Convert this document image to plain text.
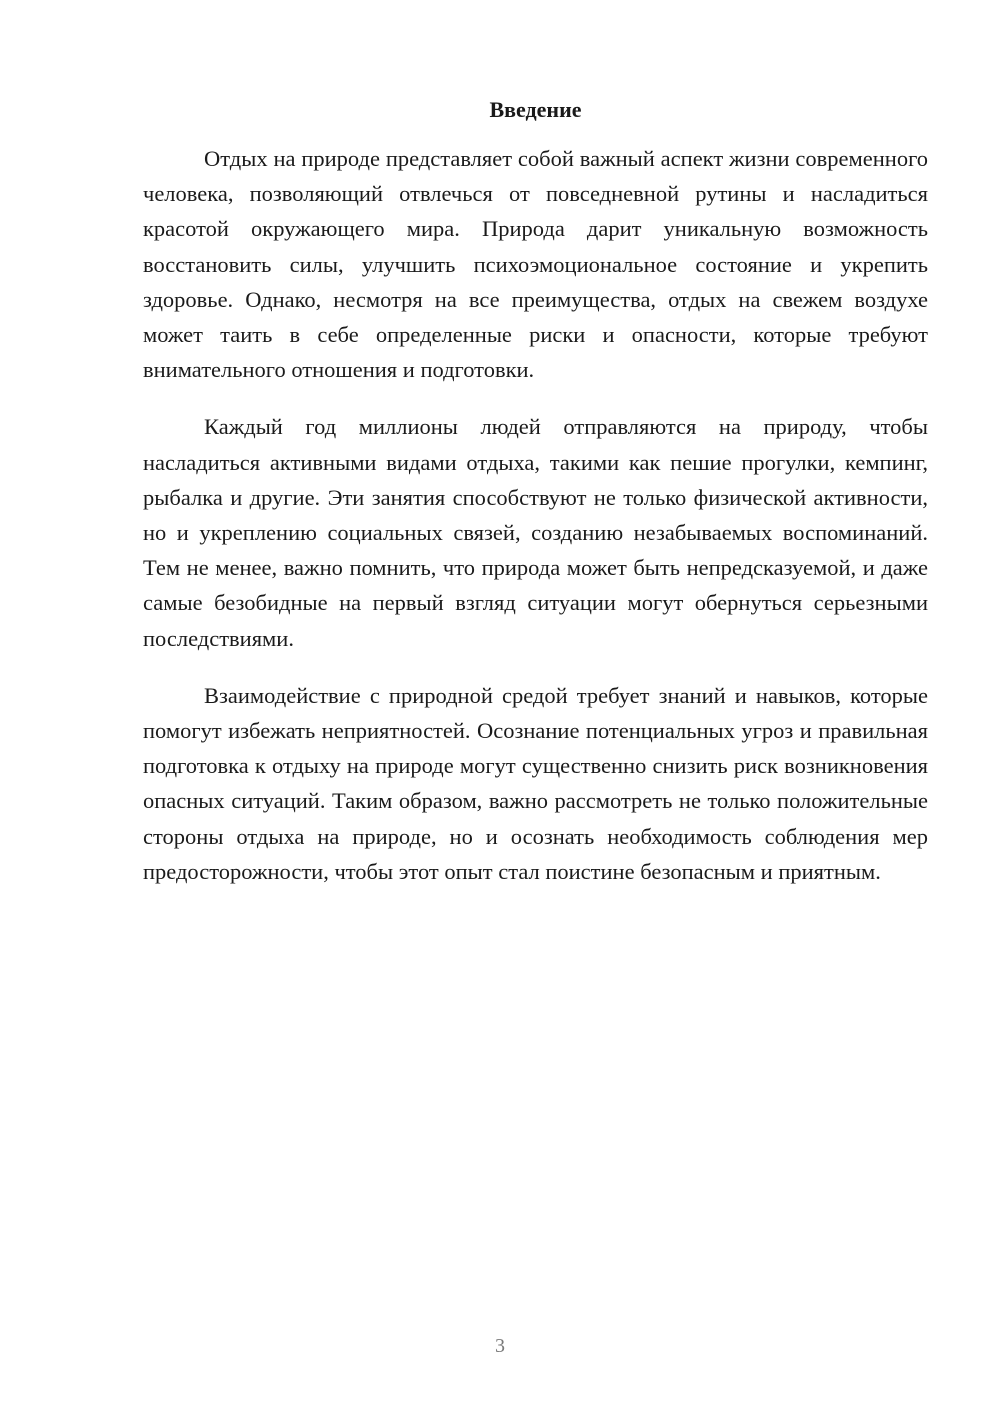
Введение

Отдых на природе представляет собой важный аспект жизни современного человека, позволяющий отвлечься от повседневной рутины и насладиться красотой окружающего мира. Природа дарит уникальную возможность восстановить силы, улучшить психоэмоциональное состояние и укрепить здоровье. Однако, несмотря на все преимущества, отдых на свежем воздухе может таить в себе определенные риски и опасности, которые требуют внимательного отношения и подготовки.

Каждый год миллионы людей отправляются на природу, чтобы насладиться активными видами отдыха, такими как пешие прогулки, кемпинг, рыбалка и другие. Эти занятия способствуют не только физической активности, но и укреплению социальных связей, созданию незабываемых воспоминаний. Тем не менее, важно помнить, что природа может быть непредсказуемой, и даже самые безобидные на первый взгляд ситуации могут обернуться серьезными последствиями.

Взаимодействие с природной средой требует знаний и навыков, которые помогут избежать неприятностей. Осознание потенциальных угроз и правильная подготовка к отдыху на природе могут существенно снизить риск возникновения опасных ситуаций. Таким образом, важно рассмотреть не только положительные стороны отдыха на природе, но и осознать необходимость соблюдения мер предосторожности, чтобы этот опыт стал поистине безопасным и приятным.

3
